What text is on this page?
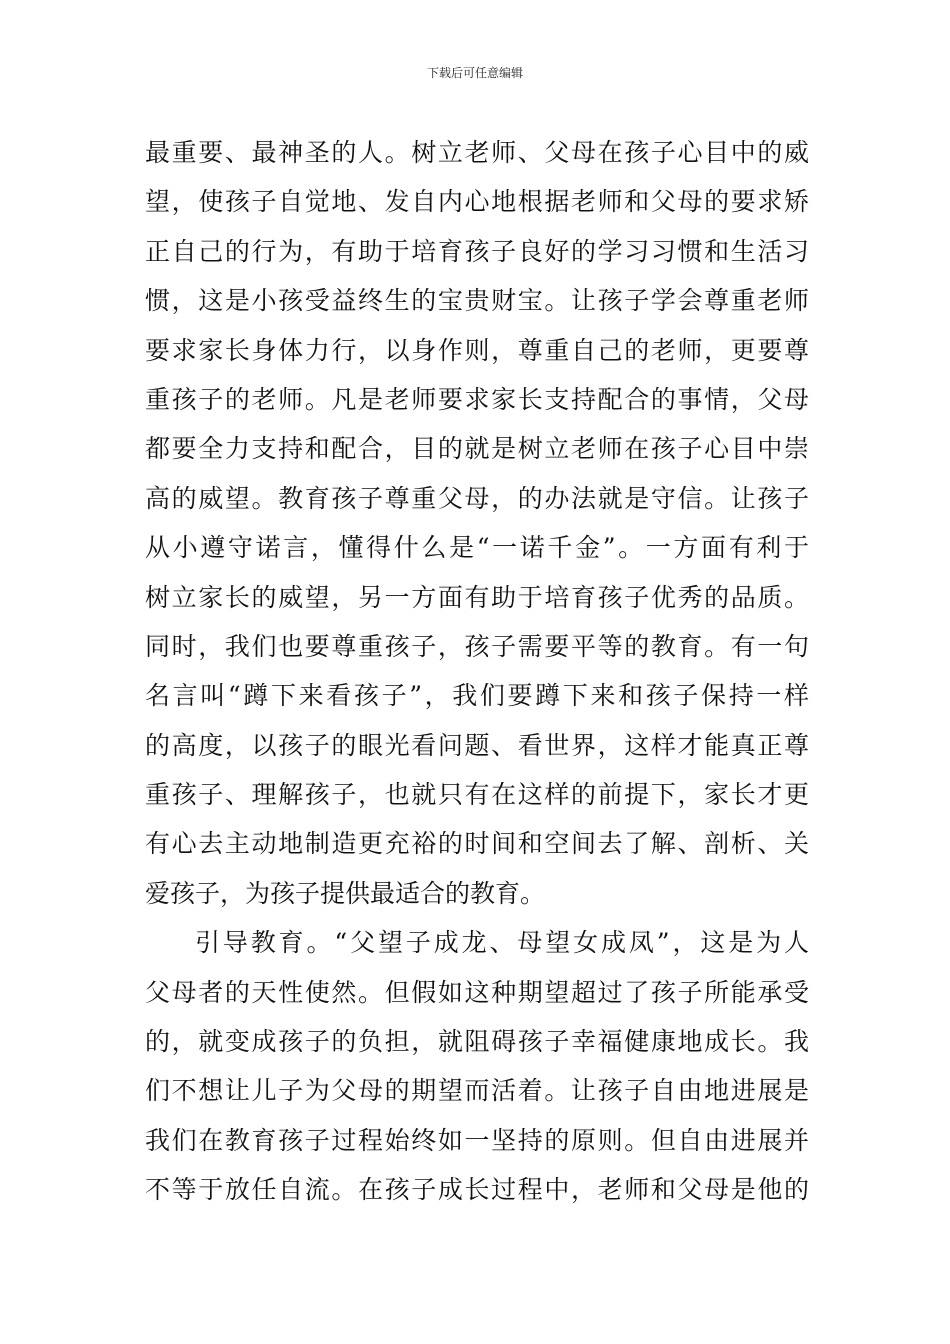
下载后可任意编辑
最重要、最神圣的人。树立老师、父母在孩子心目中的威
望，使孩子自觉地、发自内心地根据老师和父母的要求矫
正自己的行为，有助于培育孩子良好的学习习惯和生活习
惯，这是小孩受益终生的宝贵财宝。让孩子学会尊重老师
要求家长身体力行，以身作则，尊重自己的老师，更要尊
重孩子的老师。凡是老师要求家长支持配合的事情，父母
都要全力支持和配合，目的就是树立老师在孩子心目中崇
高的威望。教育孩子尊重父母，的办法就是守信。让孩子
从小遵守诺言，懂得什么是“一诺千金”。一方面有利于
树立家长的威望，另一方面有助于培育孩子优秀的品质。
同时，我们也要尊重孩子，孩子需要平等的教育。有一句
名言叫“蹲下来看孩子”，我们要蹲下来和孩子保持一样
的高度，以孩子的眼光看问题、看世界，这样才能真正尊
重孩子、理解孩子，也就只有在这样的前提下，家长才更
有心去主动地制造更充裕的时间和空间去了解、剖析、关
爱孩子，为孩子提供最适合的教育。
引导教育。“父望子成龙、母望女成凤”，这是为人
父母者的天性使然。但假如这种期望超过了孩子所能承受
的，就变成孩子的负担，就阻碍孩子幸福健康地成长。我
们不想让儿子为父母的期望而活着。让孩子自由地进展是
我们在教育孩子过程始终如一坚持的原则。但自由进展并
不等于放任自流。在孩子成长过程中，老师和父母是他的
